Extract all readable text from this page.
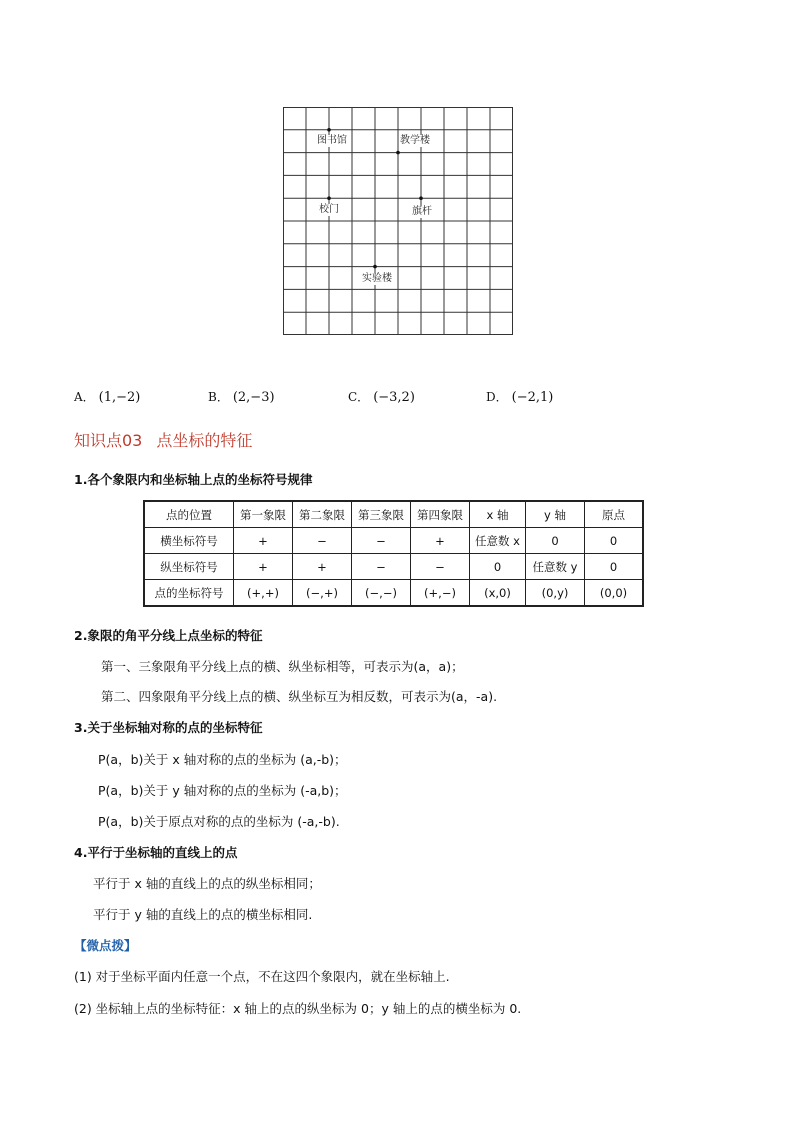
图书馆	教学楼
校门	旗杆
实验楼
A． (1,−2)	B． (2,−3)	C． (−3,2)	D． (−2,1)
知识点03 点坐标的特征
1.各个象限内和坐标轴上点的坐标符号规律
点的位置	第一象限	第二象限	第三象限	第四象限	x 轴	y 轴	原点
横坐标符号	+	−	−	+	任意数 x	0	0
纵坐标符号	+	+	−	−	0	任意数 y	0
点的坐标符号	(+,+)	(−,+)	(−,−)	(+,−)	(x,0)	(0,y)	(0,0)
2.象限的角平分线上点坐标的特征
第一、三象限角平分线上点的横、纵坐标相等，可表示为(a，a)；
第二、四象限角平分线上点的横、纵坐标互为相反数，可表示为(a，-a).
3.关于坐标轴对称的点的坐标特征
P(a，b)关于 x 轴对称的点的坐标为 (a,-b)；
P(a，b)关于 y 轴对称的点的坐标为 (-a,b)；
P(a，b)关于原点对称的点的坐标为 (-a,-b).
4.平行于坐标轴的直线上的点
平行于 x 轴的直线上的点的纵坐标相同；
平行于 y 轴的直线上的点的横坐标相同.
【微点拨】
(1) 对于坐标平面内任意一个点，不在这四个象限内，就在坐标轴上.
(2) 坐标轴上点的坐标特征：x 轴上的点的纵坐标为 0；y 轴上的点的横坐标为 0.
